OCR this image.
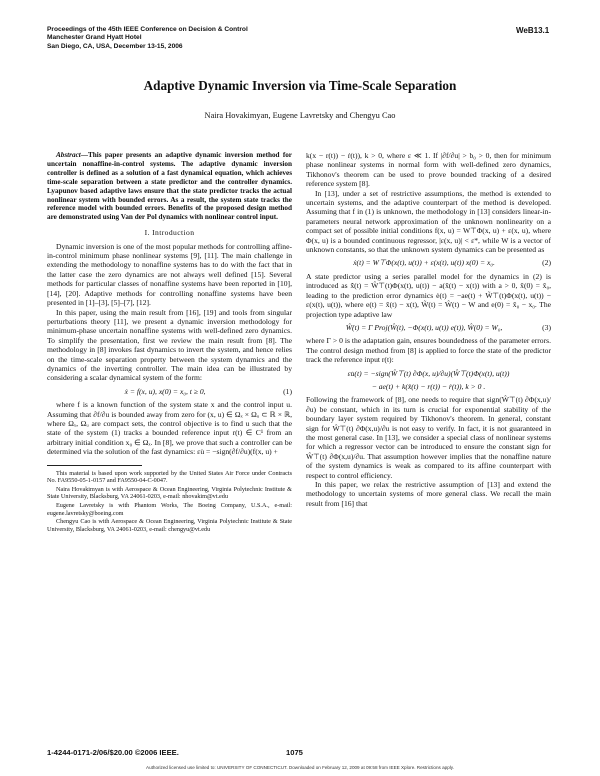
Proceedings of the 45th IEEE Conference on Decision & Control
Manchester Grand Hyatt Hotel
San Diego, CA, USA, December 13-15, 2006
WeB13.1
Adaptive Dynamic Inversion via Time-Scale Separation
Naira Hovakimyan, Eugene Lavretsky and Chengyu Cao

Abstract—This paper presents an adaptive dynamic inversion method for uncertain nonaffine-in-control systems. The adaptive dynamic inversion controller is defined as a solution of a fast dynamical equation, which achieves time-scale separation between a state predictor and the controller dynamics. Lyapunov based adaptive laws ensure that the state predictor tracks the actual nonlinear system with bounded errors. As a result, the system state tracks the reference model with bounded errors. Benefits of the proposed design method are demonstrated using Van der Pol dynamics with nonlinear control input.

I. Introduction

Dynamic inversion is one of the most popular methods for controlling affine-in-control minimum phase nonlinear systems [9], [11]. The main challenge in extending the methodology to nonaffine systems has to do with the fact that in the latter case the zero dynamics are not always well defined [15]. Several methods for particular classes of nonaffine systems have been reported in [10], [14], [20]. Adaptive methods for controlling nonaffine systems have been presented in [1]–[3], [5]–[7], [12].

In this paper, using the main result from [16], [19] and tools from singular perturbations theory [11], we present a dynamic inversion methodology for minimum-phase uncertain nonaffine systems with well-defined zero dynamics. To simplify the presentation, first we review the main result from [8]. The methodology in [8] invokes fast dynamics to invert the system, and hence relies on the time-scale separation property between the system dynamics and the dynamics of the inverting controller. The main idea can be illustrated by considering a scalar dynamical system of the form:

ẋ = f(x, u), x(0) = x₀, t ≥ 0,	(1)

where f is a known function of the system state x and the control input u. Assuming that ∂f/∂u is bounded away from zero for (x, u) ∈ Ωₓ × Ωᵤ ⊂ ℝ × ℝ, where Ωₓ, Ωᵤ are compact sets, the control objective is to find u such that the state of the system (1) tracks a bounded reference input r(t) ∈ C¹ from an arbitrary initial condition x₀ ∈ Ωₓ. In [8], we prove that such a controller can be determined via the solution of the fast dynamics: εu̇ = −sign(∂f/∂u)(f(x, u) +

This material is based upon work supported by the United States Air Force under Contracts No. FA9550-05-1-0157 and FA9550-04-C-0047.

Naira Hovakimyan is with Aerospace & Ocean Engineering, Virginia Polytechnic Institute & State University, Blacksburg, VA 24061-0203, e-mail: nhovakim@vt.edu

Eugene Lavretsky is with Phantom Works, The Boeing Company, U.S.A., e-mail: eugene.lavretsky@boeing.com

Chengyu Cao is with Aerospace & Ocean Engineering, Virginia Polytechnic Institute & State University, Blacksburg, VA 24061-0203, e-mail: chengyu@vt.edu

k(x − r(t)) − ṙ(t)), k > 0, where ε ≪ 1. If |∂f/∂u| > b₀ > 0, then for minimum phase nonlinear systems in normal form with well-defined zero dynamics, Tikhonov's theorem can be used to prove bounded tracking of a desired reference system [8].

In [13], under a set of restrictive assumptions, the method is extended to uncertain systems, and the adaptive counterpart of the method is developed. Assuming that f in (1) is unknown, the methodology in [13] considers linear-in-parameters neural network approximation of the unknown nonlinearity on a compact set of possible initial conditions f(x, u) = W⊤Φ(x, u) + ε(x, u), where Φ(x, u) is a bounded continuous regressor, |ε(x, u)| < ε*, while W is a vector of unknown constants, so that the unknown system dynamics can be presented as

ẋ(t) = W⊤Φ(x(t), u(t)) + ε(x(t), u(t)) x(0) = x₀.	(2)

A state predictor using a series parallel model for the dynamics in (2) is introduced as x̂̇(t) = Ŵ⊤(t)Φ(x(t), u(t)) − a(x̂(t) − x(t)) with a > 0, x̂(0) = x̂₀, leading to the prediction error dynamics ė(t) = −ae(t) + W̃⊤(t)Φ(x(t), u(t)) − ε(x(t), u(t)), where e(t) = x̂(t) − x(t), W̃(t) = Ŵ(t) − W and e(0) = x̂₀ − x₀. The projection type adaptive law

Ŵ̇(t) = Γ Proj(Ŵ(t), −Φ(x(t), u(t)) e(t)), Ŵ(0) = W₀,	(3)

where Γ > 0 is the adaptation gain, ensures boundedness of the parameter errors. The control design method from [8] is applied to force the state of the predictor track the reference input r(t):

εu̇(t) = −sign(Ŵ⊤(t) ∂Φ(x, u)/∂u)(Ŵ⊤(t)Φ(x(t), u(t))
− ae(t) + k(x̂(t) − r(t)) − ṙ(t)), k > 0 .

Following the framework of [8], one needs to require that sign(Ŵ⊤(t) ∂Φ(x,u)/∂u) be constant, which in its turn is crucial for exponential stability of the boundary layer system required by Tikhonov's theorem. In general, constant sign for Ŵ⊤(t) ∂Φ(x,u)/∂u is not easy to verify. In fact, it is not guaranteed in the most general case. In [13], we consider a special class of nonlinear systems for which a regressor vector can be introduced to ensure the constant sign for Ŵ⊤(t) ∂Φ(x,u)/∂u. That assumption however implies that the nonaffine nature of the system dynamics is weak as compared to its affine counterpart with respect to control efficiency.

In this paper, we relax the restrictive assumption of [13] and extend the methodology to uncertain systems of more general class. We recall the main result from [16] that

1-4244-0171-2/06/$20.00 ©2006 IEEE.	1075
Authorized licensed use limited to: UNIVERSITY OF CONNECTICUT. Downloaded on February 12, 2009 at 09:58 from IEEE Xplore. Restrictions apply.
